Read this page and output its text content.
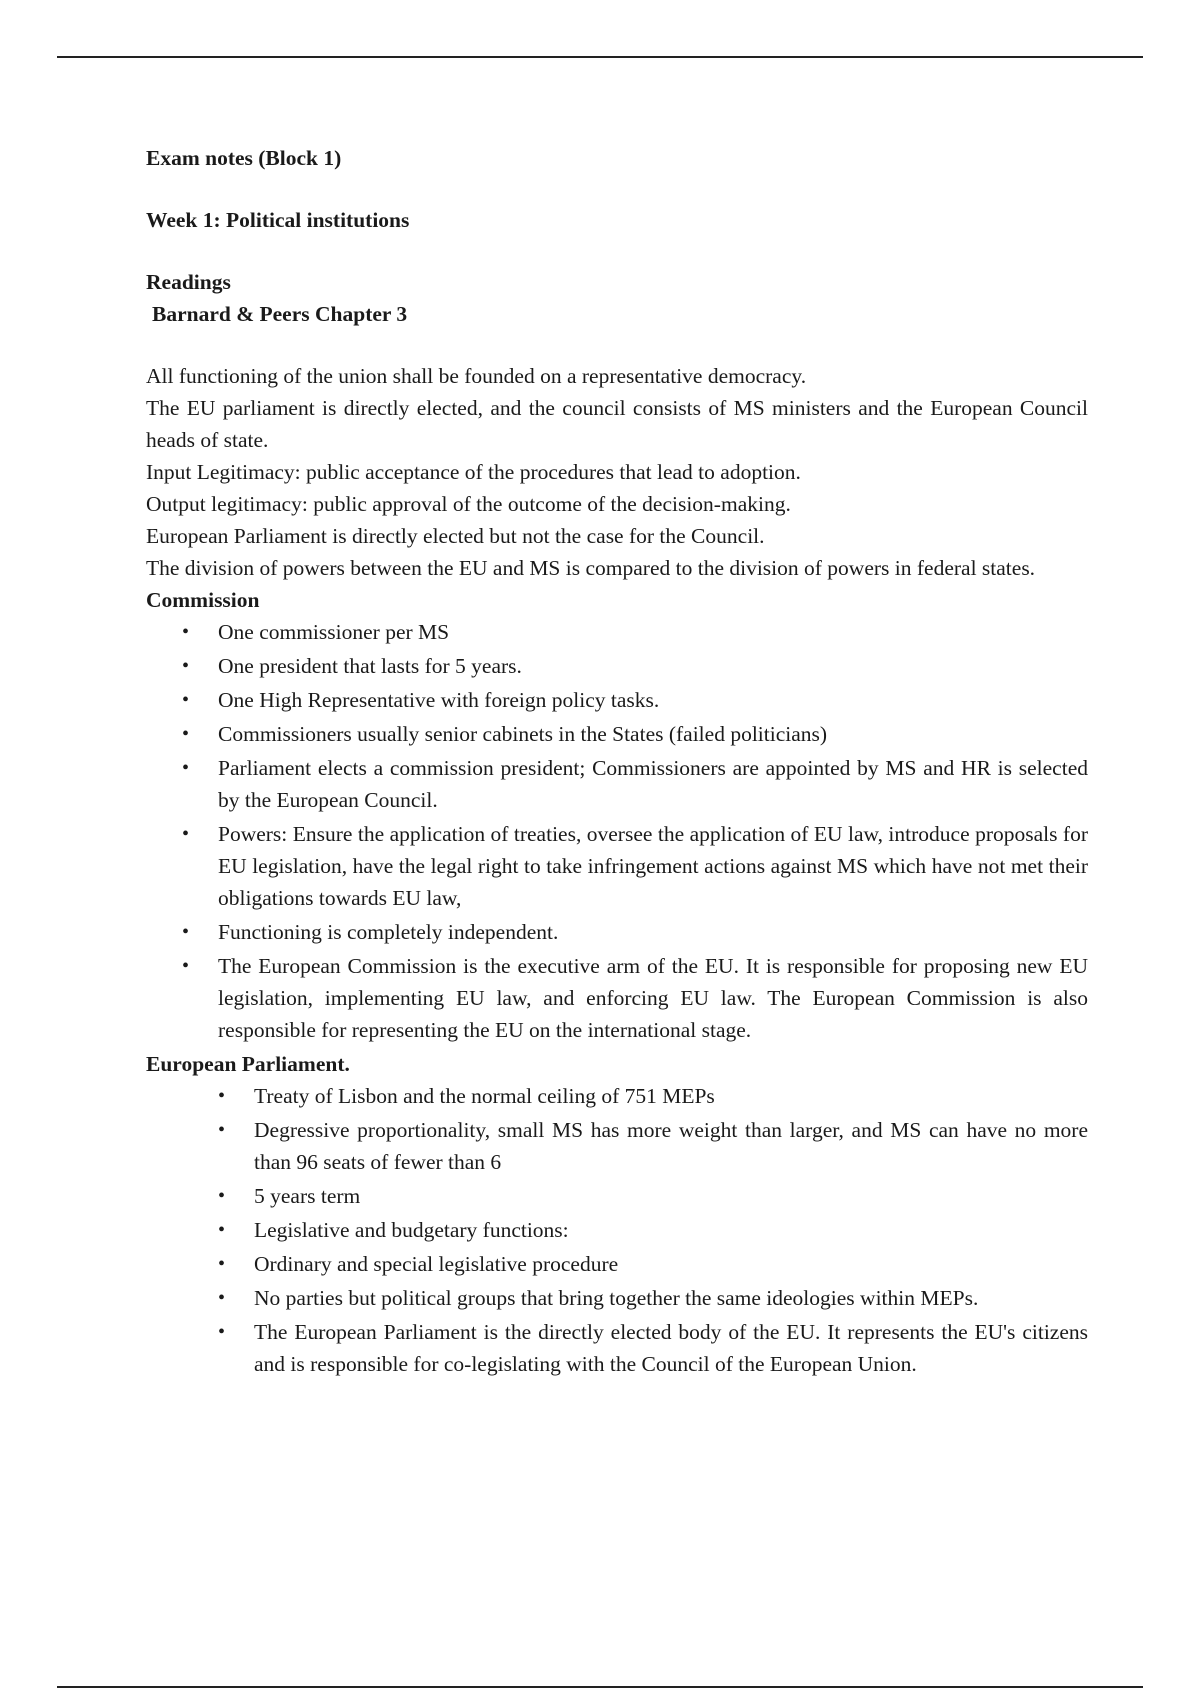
Exam notes (Block 1)

Week 1: Political institutions

Readings

Barnard & Peers Chapter 3

All functioning of the union shall be founded on a representative democracy.

The EU parliament is directly elected, and the council consists of MS ministers and the European Council heads of state.

Input Legitimacy: public acceptance of the procedures that lead to adoption.

Output legitimacy: public approval of the outcome of the decision-making.

European Parliament is directly elected but not the case for the Council.

The division of powers between the EU and MS is compared to the division of powers in federal states.

Commission

• One commissioner per MS
• One president that lasts for 5 years.
• One High Representative with foreign policy tasks.
• Commissioners usually senior cabinets in the States (failed politicians)
• Parliament elects a commission president; Commissioners are appointed by MS and HR is selected by the European Council.
• Powers: Ensure the application of treaties, oversee the application of EU law, introduce proposals for EU legislation, have the legal right to take infringement actions against MS which have not met their obligations towards EU law,
• Functioning is completely independent.
• The European Commission is the executive arm of the EU. It is responsible for proposing new EU legislation, implementing EU law, and enforcing EU law. The European Commission is also responsible for representing the EU on the international stage.

European Parliament.

• Treaty of Lisbon and the normal ceiling of 751 MEPs
• Degressive proportionality, small MS has more weight than larger, and MS can have no more than 96 seats of fewer than 6
• 5 years term
• Legislative and budgetary functions:
• Ordinary and special legislative procedure
• No parties but political groups that bring together the same ideologies within MEPs.
• The European Parliament is the directly elected body of the EU. It represents the EU's citizens and is responsible for co-legislating with the Council of the European Union.
